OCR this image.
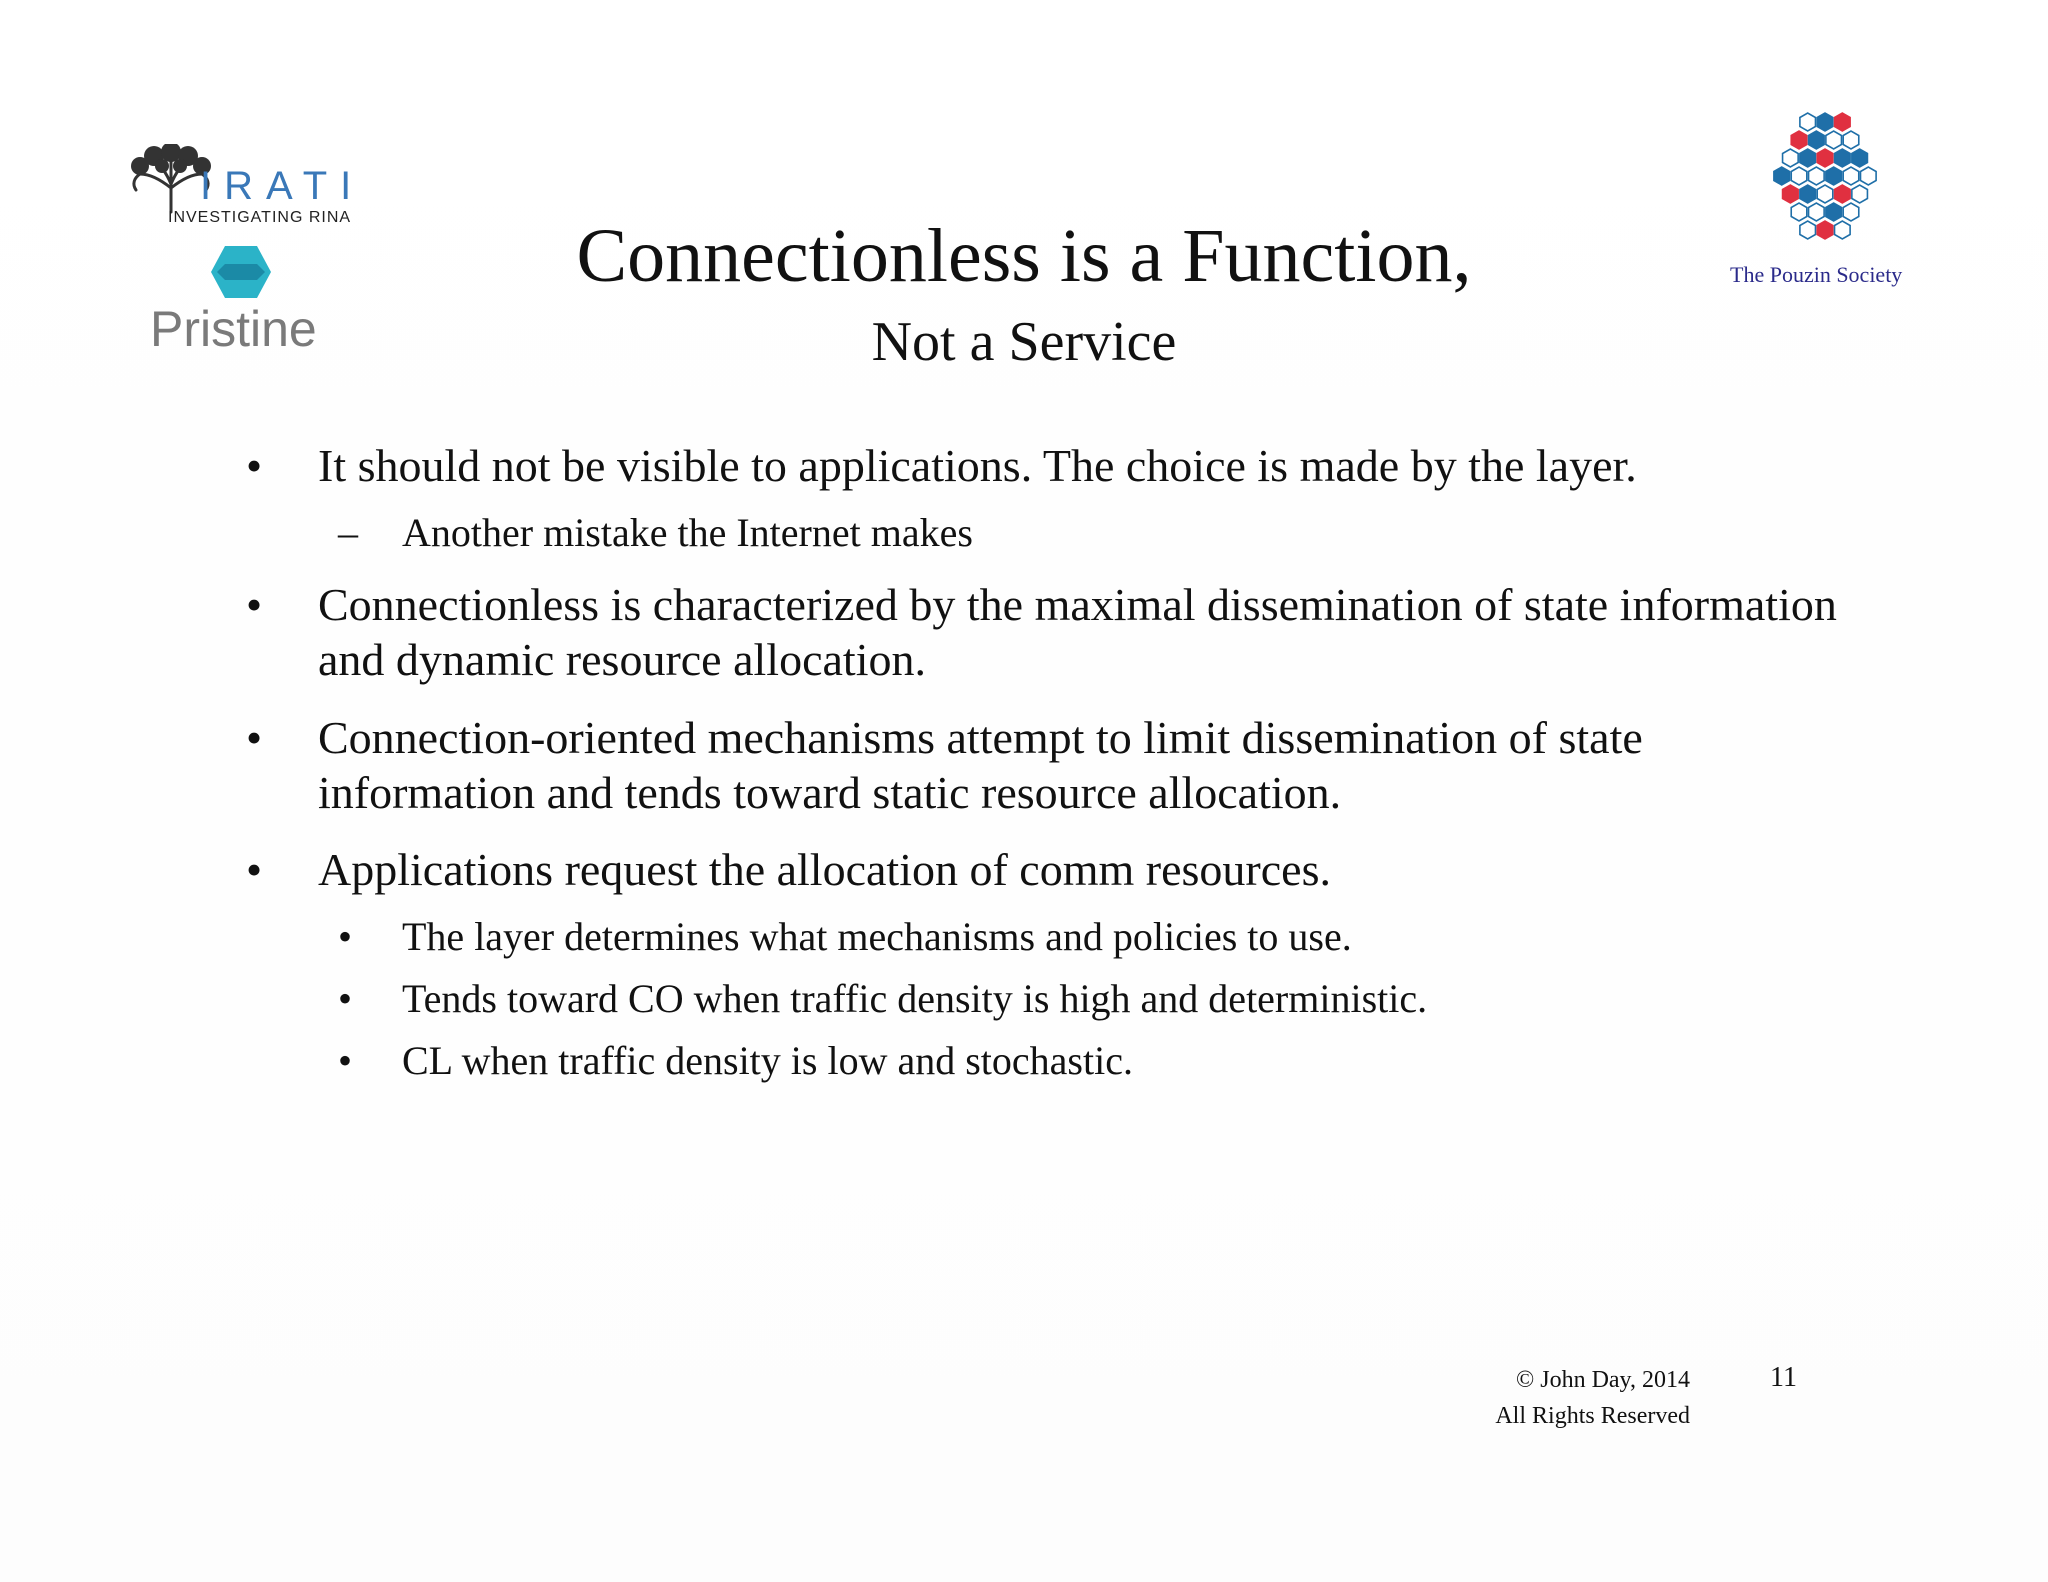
IRATI
INVESTIGATING RINA
Pristine
The Pouzin Society
Connectionless is a Function,
Not a Service
• It should not be visible to applications. The choice is made by the layer.
– Another mistake the Internet makes
• Connectionless is characterized by the maximal dissemination of state information and dynamic resource allocation.
• Connection-oriented mechanisms attempt to limit dissemination of state information and tends toward static resource allocation.
• Applications request the allocation of comm resources.
• The layer determines what mechanisms and policies to use.
• Tends toward CO when traffic density is high and deterministic.
• CL when traffic density is low and stochastic.
© John Day, 2014
All Rights Reserved
11
